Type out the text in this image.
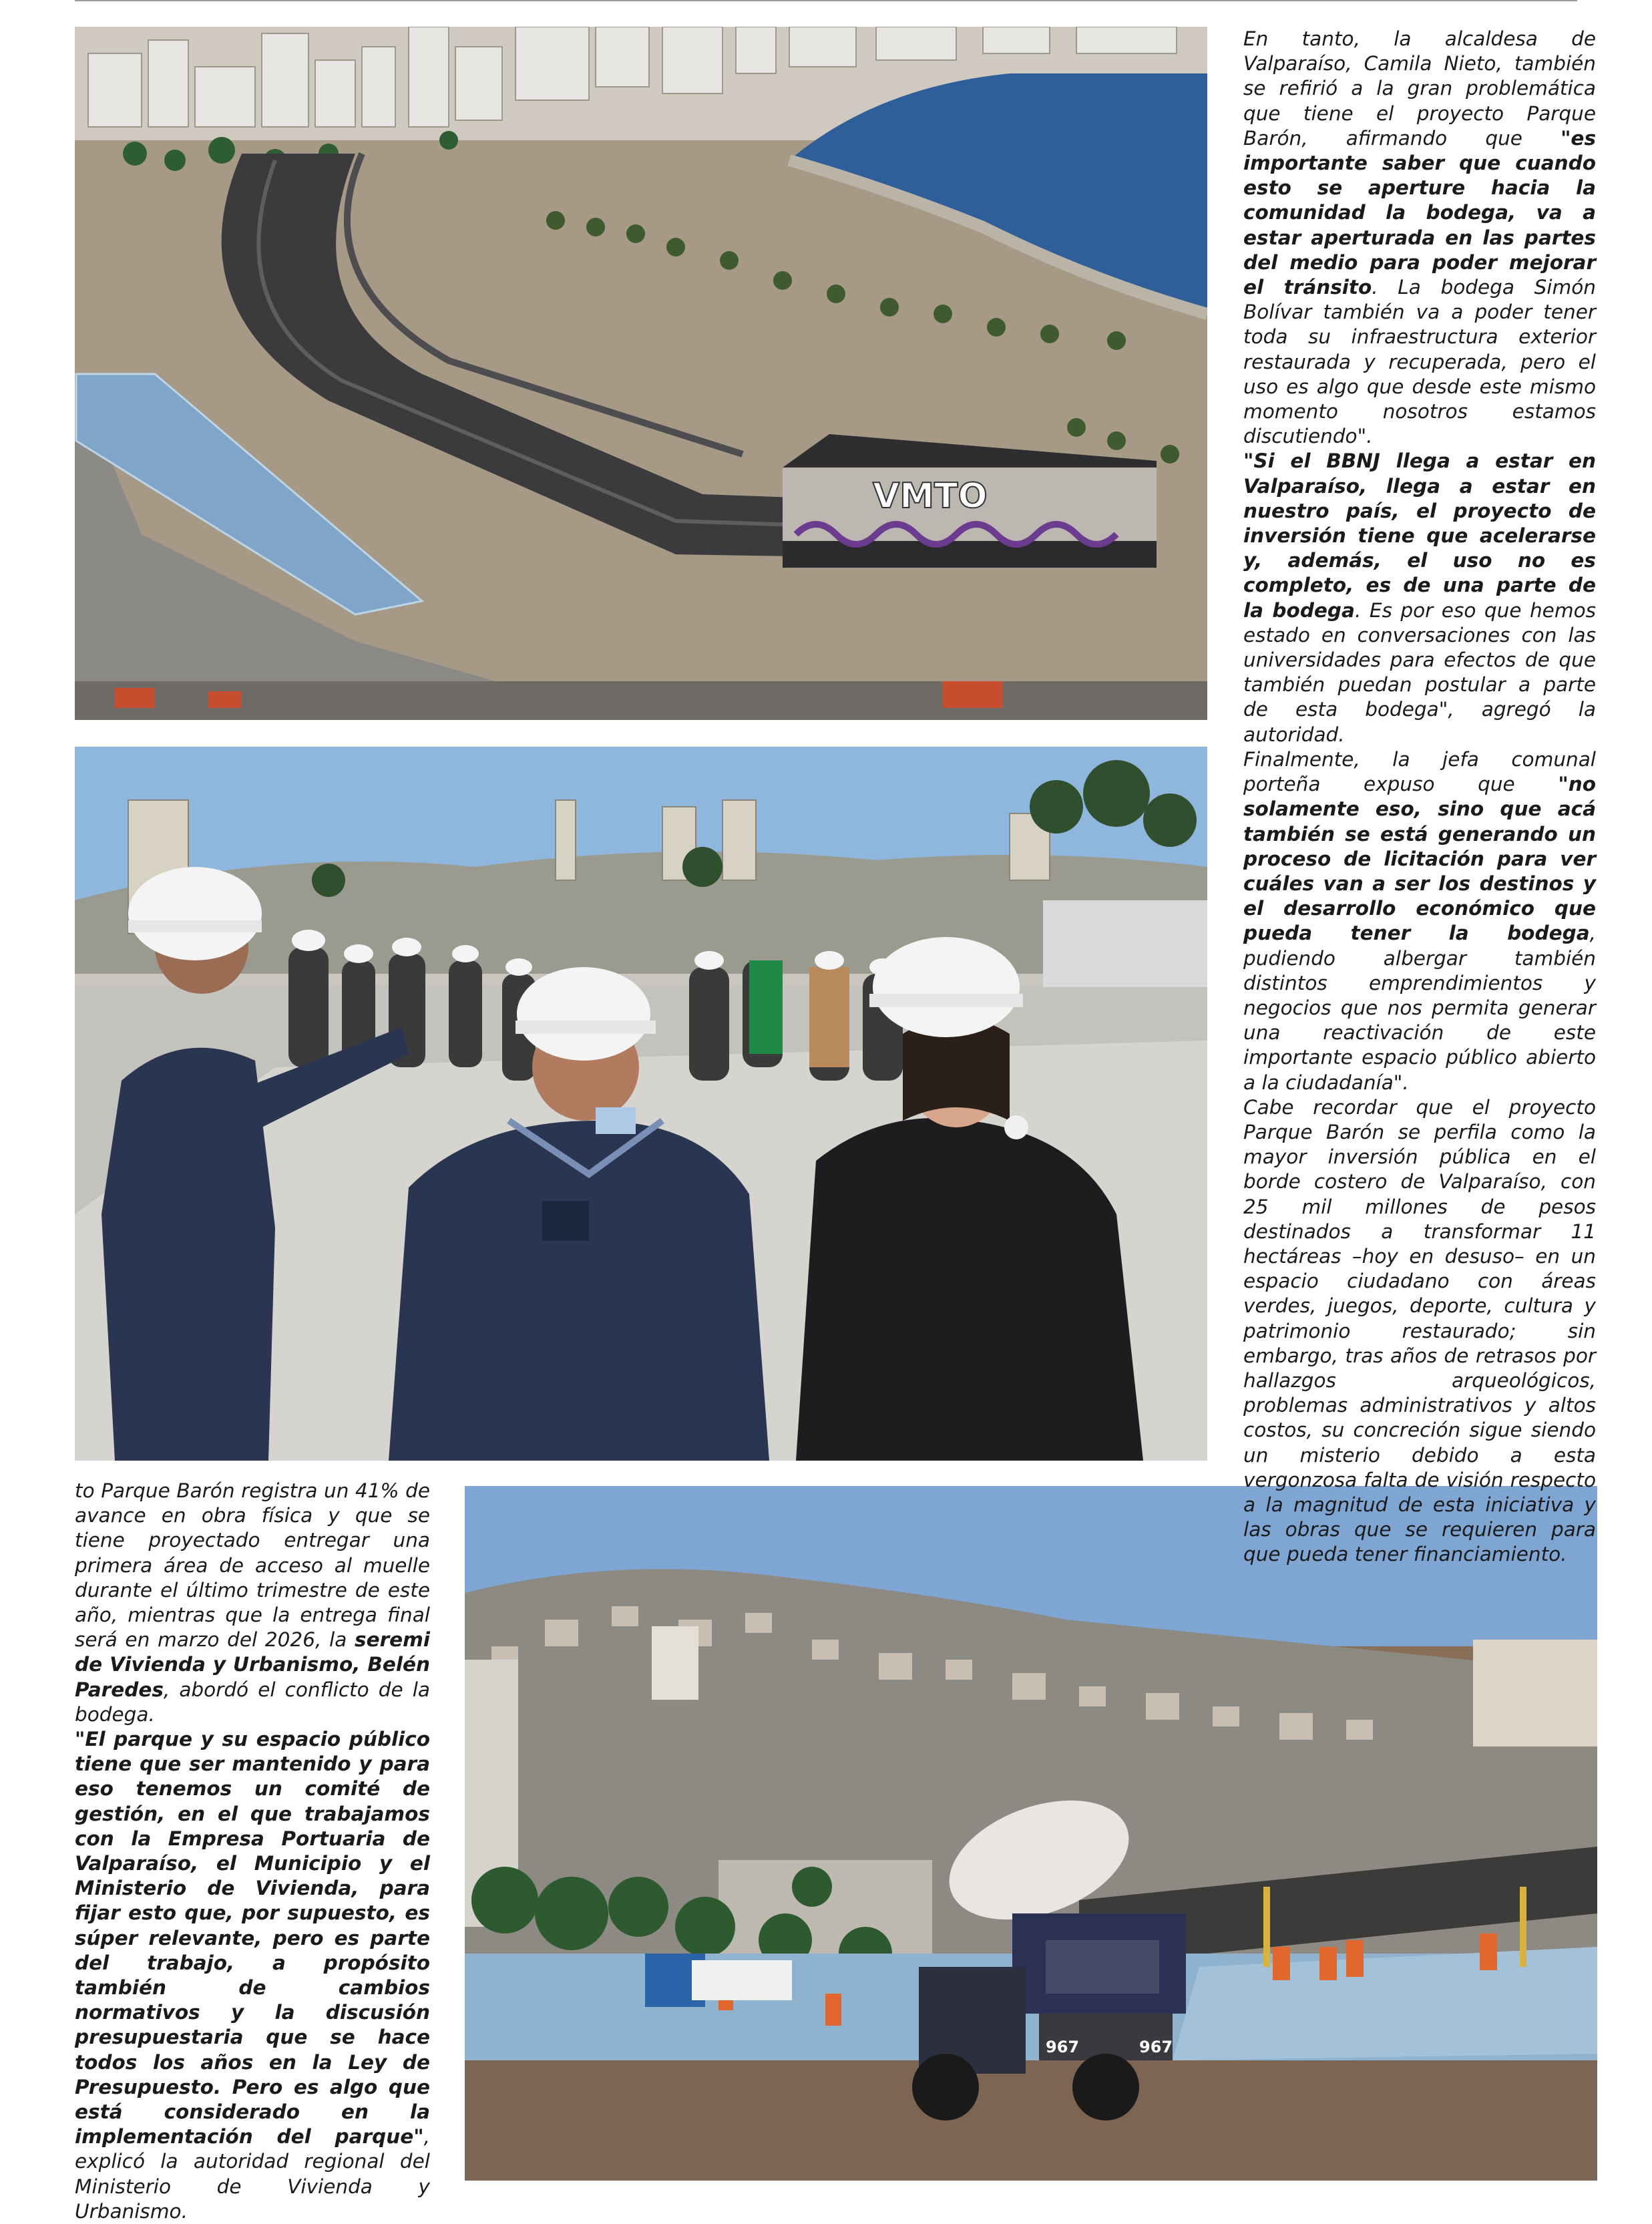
VMTO
967	967

En tanto, la alcaldesa de Valparaíso, Camila Nieto, también se refirió a la gran problemática que tiene el proyecto Parque Barón, afirmando que "es importante saber que cuando esto se aperture hacia la comunidad la bodega, va a estar aperturada en las partes del medio para poder mejorar el tránsito. La bodega Simón Bolívar también va a poder tener toda su infraestructura exterior restaurada y recuperada, pero el uso es algo que desde este mismo momento nosotros estamos discutiendo".

"Si el BBNJ llega a estar en Valparaíso, llega a estar en nuestro país, el proyecto de inversión tiene que acelerarse y, además, el uso no es completo, es de una parte de la bodega. Es por eso que hemos estado en conversaciones con las universidades para efectos de que también puedan postular a parte de esta bodega", agregó la autoridad.

Finalmente, la jefa comunal porteña expuso que "no solamente eso, sino que acá también se está generando un proceso de licitación para ver cuáles van a ser los destinos y el desarrollo económico que pueda tener la bodega, pudiendo albergar también distintos emprendimientos y negocios que nos permita generar una reactivación de este importante espacio público abierto a la ciudadanía".

Cabe recordar que el proyecto Parque Barón se perfila como la mayor inversión pública en el borde costero de Valparaíso, con 25 mil millones de pesos destinados a transformar 11 hectáreas –hoy en desuso– en un espacio ciudadano con áreas verdes, juegos, deporte, cultura y patrimonio restaurado; sin embargo, tras años de retrasos por hallazgos arqueológicos, problemas administrativos y altos costos, su concreción sigue siendo un misterio debido a esta vergonzosa falta de visión respecto a la magnitud de esta iniciativa y las obras que se requieren para que pueda tener financiamiento.

to Parque Barón registra un 41% de avance en obra física y que se tiene proyectado entregar una primera área de acceso al muelle durante el último trimestre de este año, mientras que la entrega final será en marzo del 2026, la seremi de Vivienda y Urbanismo, Belén Paredes, abordó el conflicto de la bodega.

"El parque y su espacio público tiene que ser mantenido y para eso tenemos un comité de gestión, en el que trabajamos con la Empresa Portuaria de Valparaíso, el Municipio y el Ministerio de Vivienda, para fijar esto que, por supuesto, es súper relevante, pero es parte del trabajo, a propósito también de cambios normativos y la discusión presupuestaria que se hace todos los años en la Ley de Presupuesto. Pero es algo que está considerado en la implementación del parque", explicó la autoridad regional del Ministerio de Vivienda y Urbanismo.
